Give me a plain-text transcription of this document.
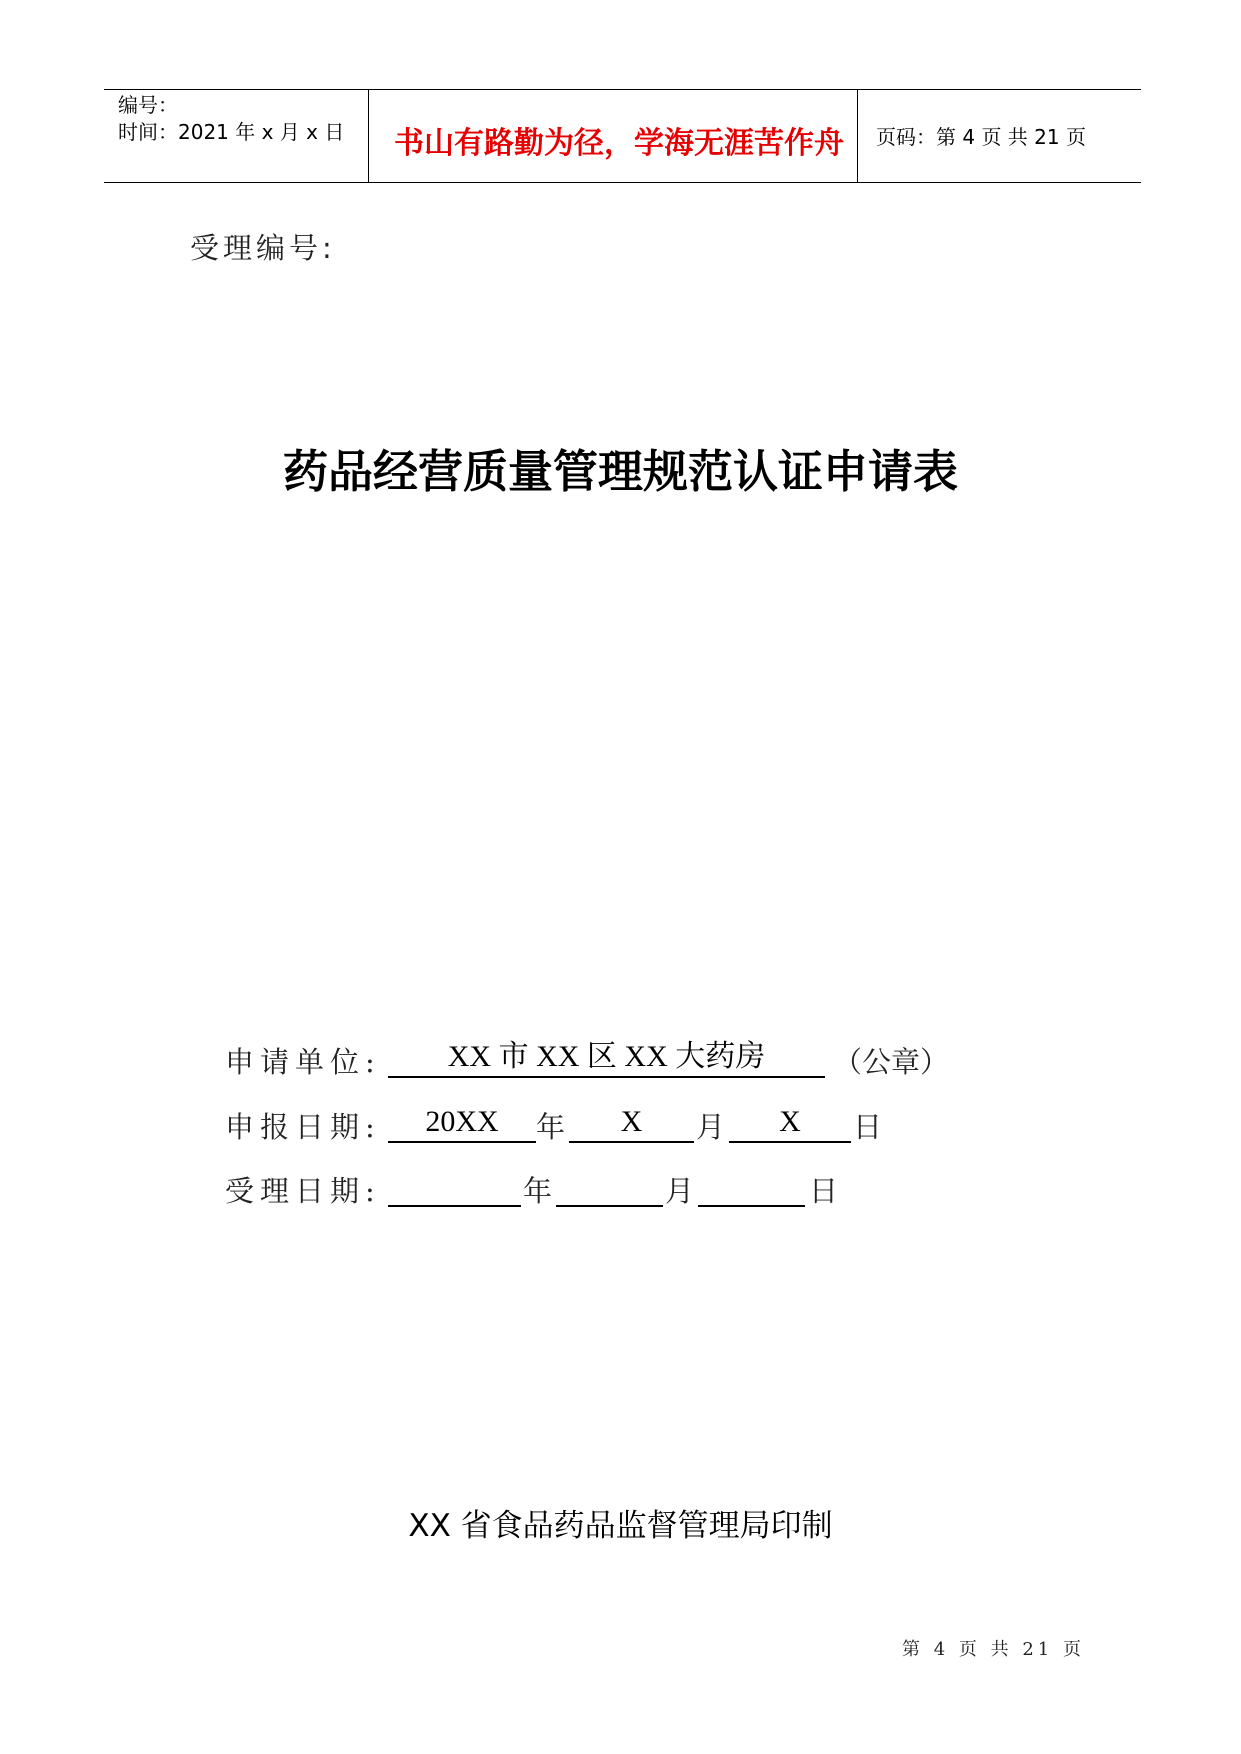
编号：
时间：2021 年 x 月 x 日 书山有路勤为径，学海无涯苦作舟 页码：第 4 页 共 21 页
受理编号:
药品经营质量管理规范认证申请表
申请单位:	XX 市 XX 区 XX 大药房	（公章）
申报日期:	20XX	年	X	月	X	日
受理日期:	年	月	日
XX 省食品药品监督管理局印制
第 4 页 共 21 页
